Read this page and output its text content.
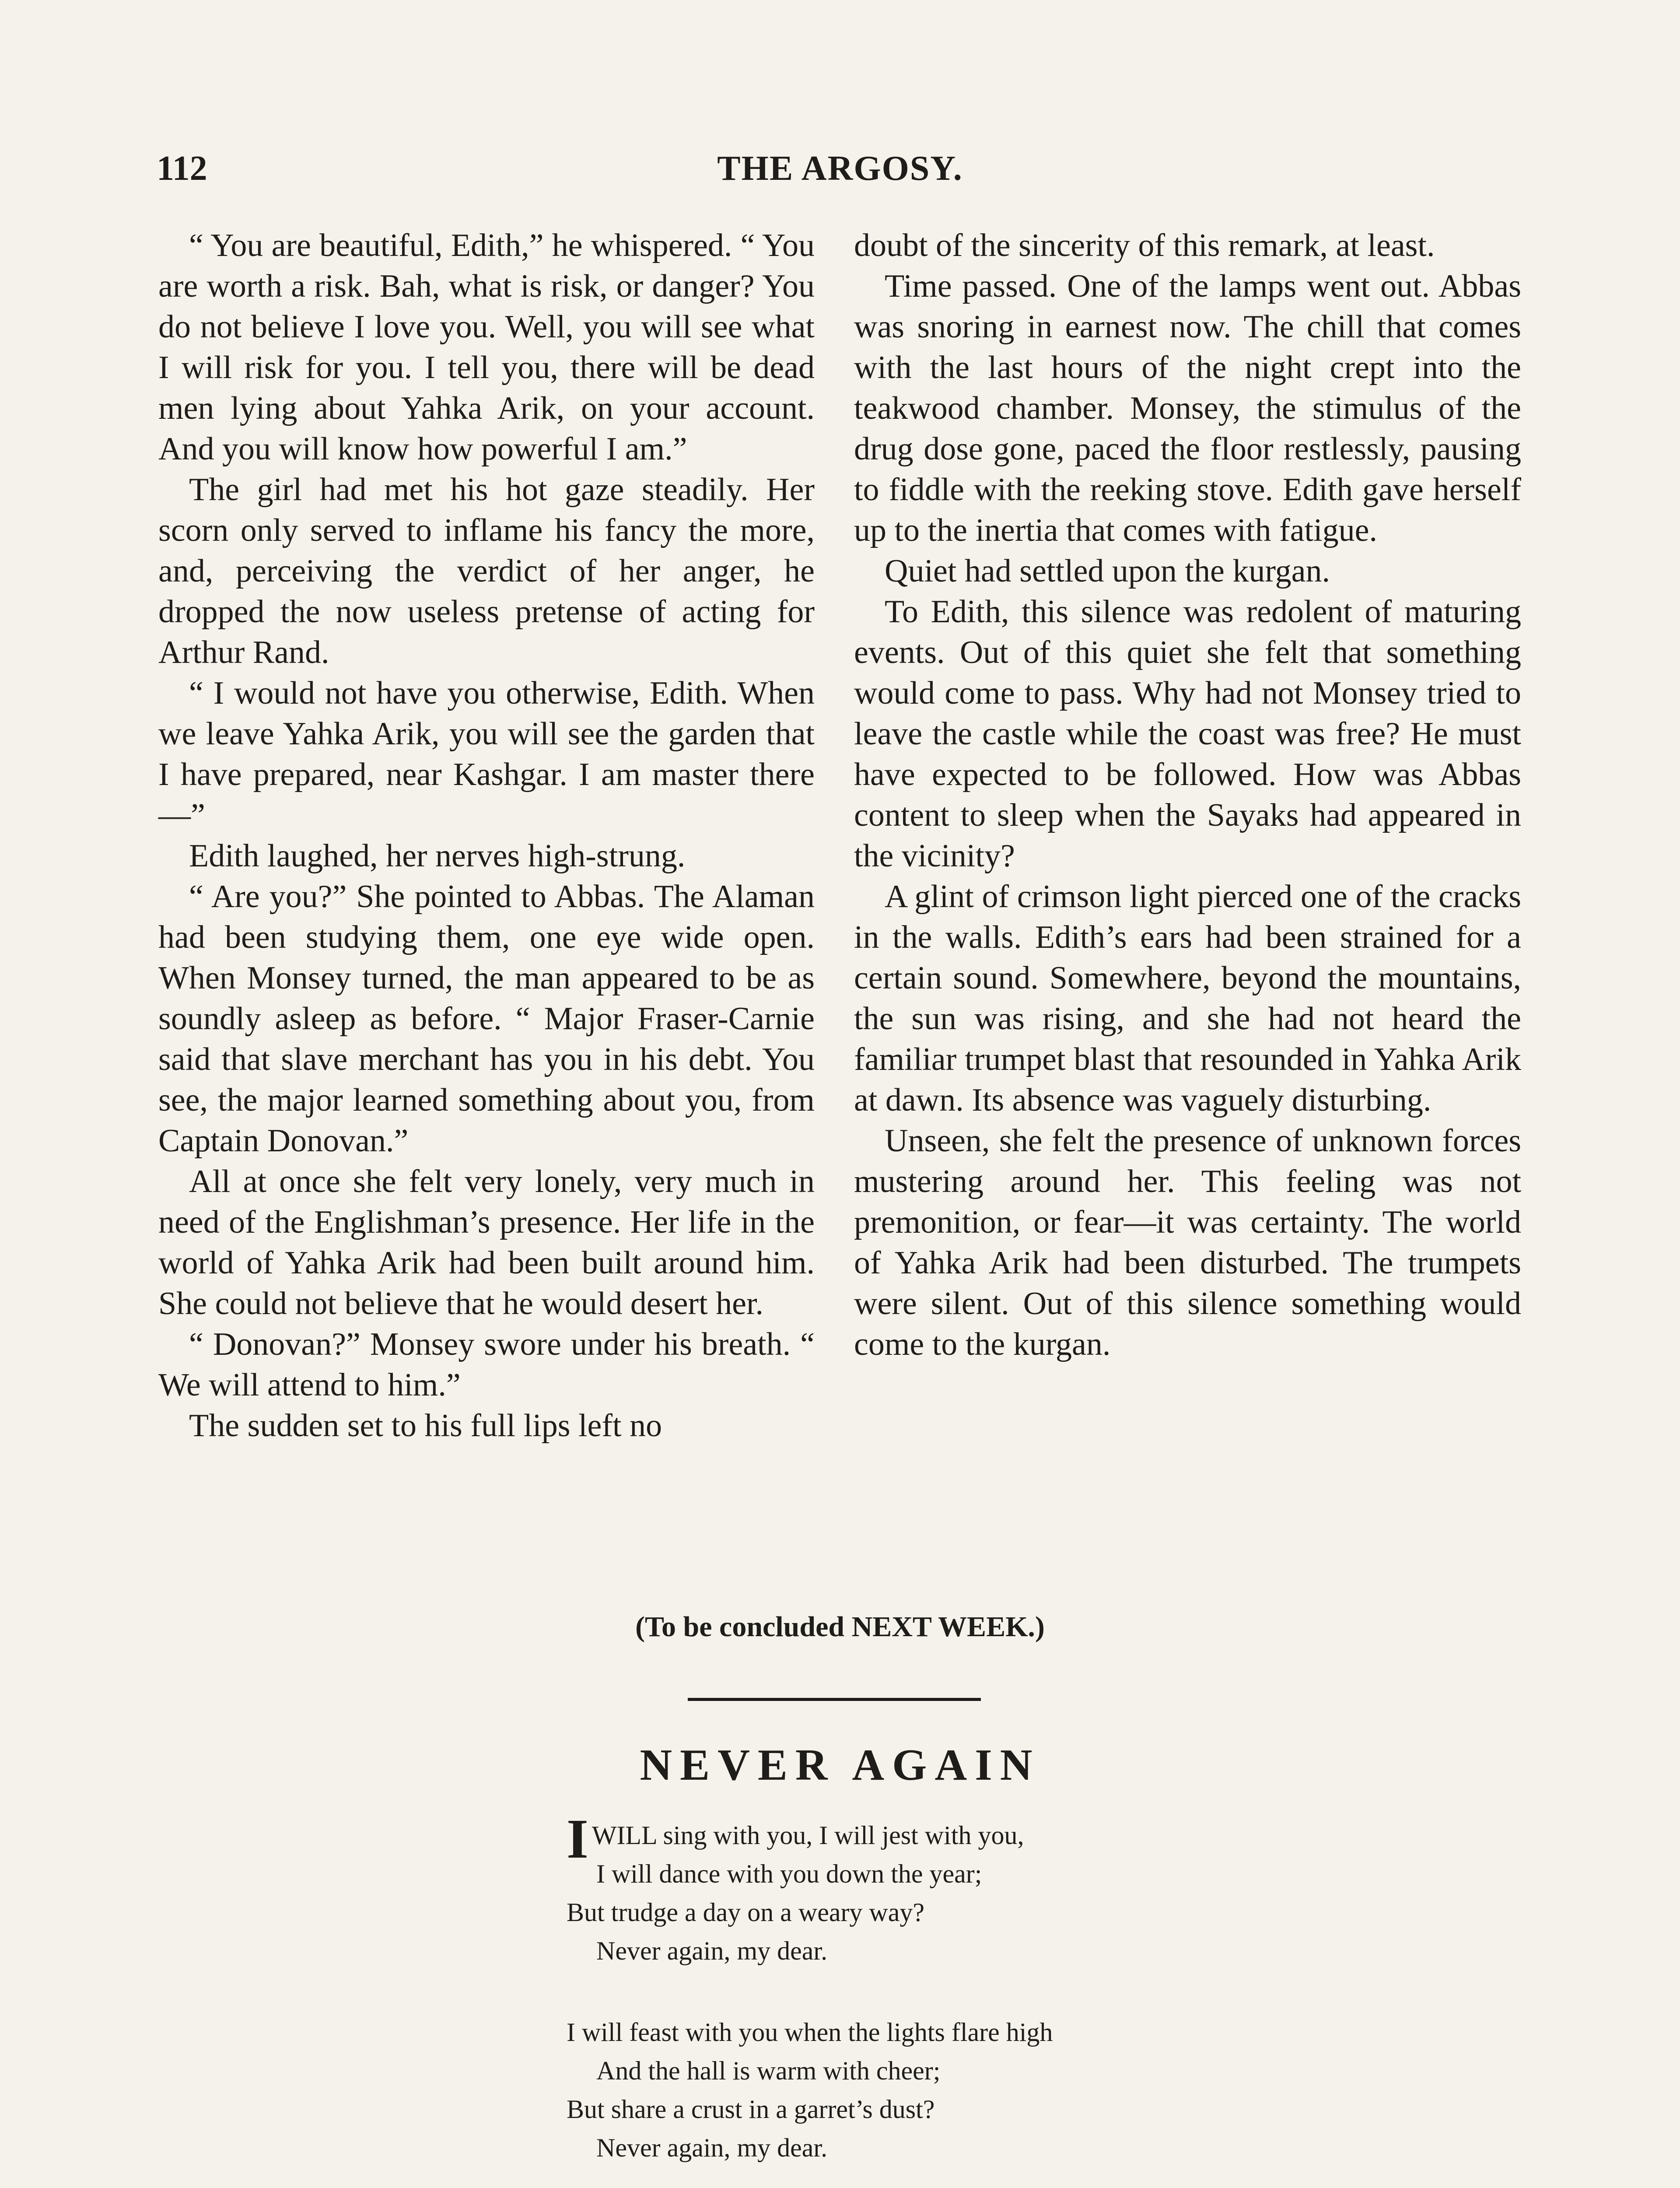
112	THE ARGOSY.

“ You are beautiful, Edith,” he whispered. “ You are worth a risk. Bah, what is risk, or danger? You do not believe I love you. Well, you will see what I will risk for you. I tell you, there will be dead men lying about Yahka Arik, on your account. And you will know how powerful I am.”

The girl had met his hot gaze steadily. Her scorn only served to inflame his fancy the more, and, perceiving the verdict of her anger, he dropped the now useless pretense of acting for Arthur Rand.

“ I would not have you otherwise, Edith. When we leave Yahka Arik, you will see the garden that I have prepared, near Kashgar. I am master there—”

Edith laughed, her nerves high-strung.

“ Are you?” She pointed to Abbas. The Alaman had been studying them, one eye wide open. When Monsey turned, the man appeared to be as soundly asleep as before. “ Major Fraser-Carnie said that slave merchant has you in his debt. You see, the major learned something about you, from Captain Donovan.”

All at once she felt very lonely, very much in need of the Englishman’s presence. Her life in the world of Yahka Arik had been built around him. She could not believe that he would desert her.

“ Donovan?” Monsey swore under his breath. “ We will attend to him.”

The sudden set to his full lips left no

doubt of the sincerity of this remark, at least.

Time passed. One of the lamps went out. Abbas was snoring in earnest now. The chill that comes with the last hours of the night crept into the teakwood chamber. Monsey, the stimulus of the drug dose gone, paced the floor restlessly, pausing to fiddle with the reeking stove. Edith gave herself up to the inertia that comes with fatigue.

Quiet had settled upon the kurgan.

To Edith, this silence was redolent of maturing events. Out of this quiet she felt that something would come to pass. Why had not Monsey tried to leave the castle while the coast was free? He must have expected to be followed. How was Abbas content to sleep when the Sayaks had appeared in the vicinity?

A glint of crimson light pierced one of the cracks in the walls. Edith’s ears had been strained for a certain sound. Somewhere, beyond the mountains, the sun was rising, and she had not heard the familiar trumpet blast that resounded in Yahka Arik at dawn. Its absence was vaguely disturbing.

Unseen, she felt the presence of unknown forces mustering around her. This feeling was not premonition, or fear—it was certainty. The world of Yahka Arik had been disturbed. The trumpets were silent. Out of this silence something would come to the kurgan.

(To be concluded NEXT WEEK.)
NEVER AGAIN
IWILL sing with you, I will jest with you,
I will dance with you down the year;
But trudge a day on a weary way?
Never again, my dear.
I will feast with you when the lights flare high
And the hall is warm with cheer;
But share a crust in a garret’s dust?
Never again, my dear.
